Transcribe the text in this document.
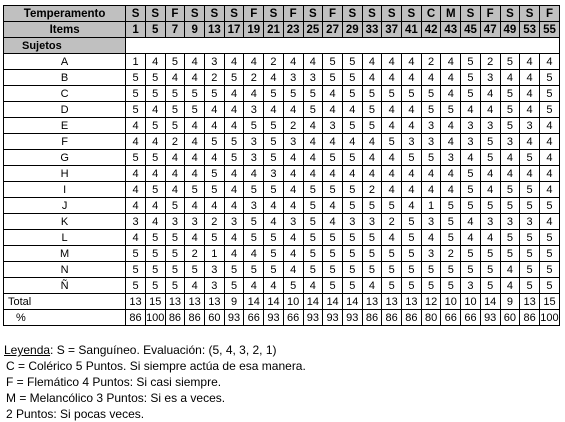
Temperamento	S	S	F	S	S	S	F	S	F	S	F	S	S	S	S	C	M	S	F	S	S	F
Items	1	5	7	9	13	17	19	21	23	25	27	29	33	37	41	42	43	45	47	49	53	55
Sujetos																						
A	1	4	5	4	3	4	4	2	4	4	5	5	4	4	4	2	4	5	2	5	4	4
B	5	5	4	4	2	5	2	4	3	3	5	5	4	4	4	4	4	5	3	4	4	5
C	5	5	5	5	5	4	4	5	5	5	4	5	5	5	5	5	4	5	4	5	4	5
D	5	4	5	5	4	4	3	4	4	5	4	4	5	4	4	5	5	4	4	5	4	5
E	4	5	5	4	4	4	5	5	2	4	3	5	5	4	4	3	4	3	3	5	3	4
F	4	4	2	4	5	5	3	5	3	4	4	4	4	5	3	3	4	3	5	3	4	4
G	5	5	4	4	4	5	3	5	4	4	5	5	4	4	5	5	3	4	5	4	5	4
H	4	4	4	4	5	4	4	3	4	4	4	4	4	4	4	4	4	5	4	4	4	4
I	4	5	4	5	5	4	5	5	4	5	5	5	2	4	4	4	4	5	4	5	5	4
J	4	4	5	4	4	4	3	4	4	5	4	5	5	5	4	1	5	5	5	5	5	5
K	3	4	3	3	2	3	5	4	3	5	4	3	3	2	5	3	5	4	3	3	3	4
L	4	5	5	4	5	4	5	5	4	5	5	5	5	4	5	4	5	4	4	5	5	5
M	5	5	5	2	1	4	4	5	4	5	5	5	5	5	5	3	2	5	5	5	5	5
N	5	5	5	5	3	5	5	5	4	5	5	5	5	5	5	5	5	5	5	4	5	5
Ñ	5	5	5	4	3	5	4	4	5	4	5	5	4	5	5	5	5	3	5	4	5	5
Total	13	15	13	13	13	9	14	14	10	14	14	14	13	13	13	12	10	10	14	9	13	15
%	86	100	86	86	60	93	66	93	66	93	93	93	86	86	86	80	66	66	93	60	86	100
Leyenda: S = Sanguíneo. Evaluación: (5, 4, 3, 2, 1)
C = Colérico 5 Puntos. Si siempre actúa de esa manera.
F = Flemático 4 Puntos: Si casi siempre.
M = Melancólico 3 Puntos: Si es a veces.
2 Puntos: Si pocas veces.
